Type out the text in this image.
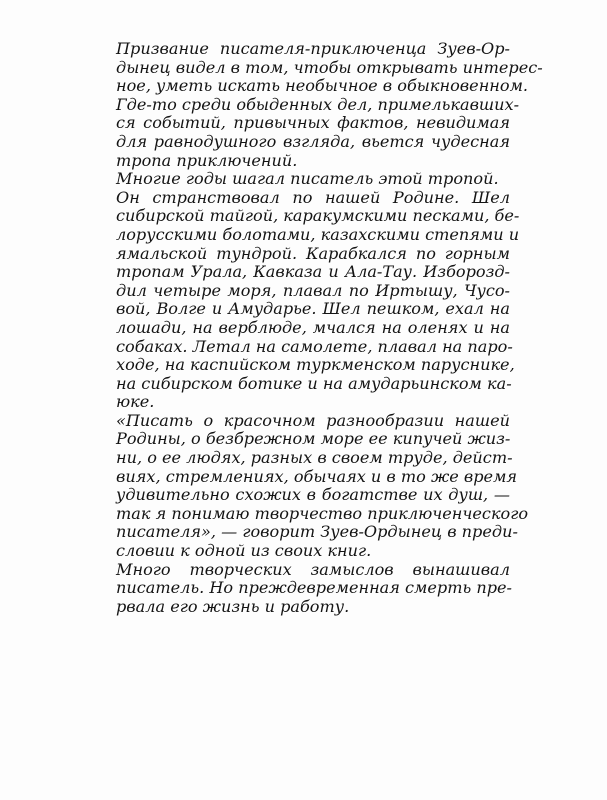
Призвание писателя-приключенца Зуев-Ор-
дынец видел в том, чтобы открывать интерес-
ное, уметь искать необычное в обыкновенном.
Где-то среди обыденных дел, примелькавших-
ся событий, привычных фактов, невидимая
для равнодушного взгляда, вьется чудесная
тропа приключений.

Многие годы шагал писатель этой тропой.

Он странствовал по нашей Родине. Шел
сибирской тайгой, каракумскими песками, бе-
лорусскими болотами, казахскими степями и
ямальской тундрой. Карабкался по горным
тропам Урала, Кавказа и Ала-Тау. Изборозд-
дил четыре моря, плавал по Иртышу, Чусо-
вой, Волге и Амударье. Шел пешком, ехал на
лошади, на верблюде, мчался на оленях и на
собаках. Летал на самолете, плавал на паро-
ходе, на каспийском туркменском паруснике,
на сибирском ботике и на амударьинском ка-
юке.

«Писать о красочном разнообразии нашей
Родины, о безбрежном море ее кипучей жиз-
ни, о ее людях, разных в своем труде, дейст-
виях, стремлениях, обычаях и в то же время
удивительно схожих в богатстве их душ, —
так я понимаю творчество приключенческого
писателя», — говорит Зуев-Ордынец в преди-
словии к одной из своих книг.

Много творческих замыслов вынашивал
писатель. Но преждевременная смерть пре-
рвала его жизнь и работу.
